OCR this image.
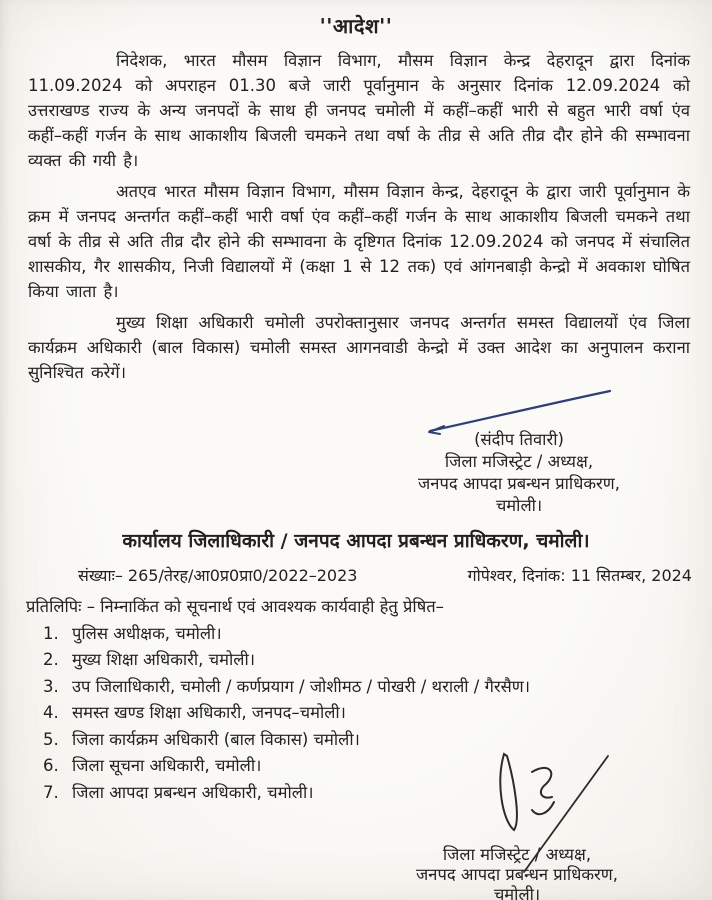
''आदेश''

निदेशक, भारत मौसम विज्ञान विभाग, मौसम विज्ञान केन्द्र देहरादून द्वारा दिनांक 11.09.2024 को अपराहन 01.30 बजे जारी पूर्वानुमान के अनुसार दिनांक 12.09.2024 को उत्तराखण्ड राज्य के अन्य जनपदों के साथ ही जनपद चमोली में कहीं–कहीं भारी से बहुत भारी वर्षा एंव कहीं–कहीं गर्जन के साथ आकाशीय बिजली चमकने तथा वर्षा के तीव्र से अति तीव्र दौर होने की सम्भावना व्यक्त की गयी है।

अतएव भारत मौसम विज्ञान विभाग, मौसम विज्ञान केन्द्र, देहरादून के द्वारा जारी पूर्वानुमान के क्रम में जनपद अन्तर्गत कहीं–कहीं भारी वर्षा एंव कहीं–कहीं गर्जन के साथ आकाशीय बिजली चमकने तथा वर्षा के तीव्र से अति तीव्र दौर होने की सम्भावना के दृष्टिगत दिनांक 12.09.2024 को जनपद में संचालित शासकीय, गैर शासकीय, निजी विद्यालयों में (कक्षा 1 से 12 तक) एवं आंगनबाड़ी केन्द्रो में अवकाश घोषित किया जाता है।

मुख्य शिक्षा अधिकारी चमोली उपरोक्तानुसार जनपद अन्तर्गत समस्त विद्यालयों एंव जिला कार्यक्रम अधिकारी (बाल विकास) चमोली समस्त आगनवाडी केन्द्रो में उक्त आदेश का अनुपालन कराना सुनिश्चित करेगें।

(संदीप तिवारी)
जिला मजिस्ट्रेट / अध्यक्ष,
जनपद आपदा प्रबन्धन प्राधिकरण,
चमोली।
कार्यालय जिलाधिकारी / जनपद आपदा प्रबन्धन प्राधिकरण, चमोली।
संख्याः– 265/तेरह/आ0प्र0प्रा0/2022–2023	गोपेश्वर, दिनांक: 11 सितम्बर, 2024
प्रतिलिपिः – निम्नाकिंत को सूचनार्थ एवं आवश्यक कार्यवाही हेतु प्रेषित–
1. पुलिस अधीक्षक, चमोली।
2. मुख्य शिक्षा अधिकारी, चमोली।
3. उप जिलाधिकारी, चमोली / कर्णप्रयाग / जोशीमठ / पोखरी / थराली / गैरसैण।
4. समस्त खण्ड शिक्षा अधिकारी, जनपद–चमोली।
5. जिला कार्यक्रम अधिकारी (बाल विकास) चमोली।
6. जिला सूचना अधिकारी, चमोली।
7. जिला आपदा प्रबन्धन अधिकारी, चमोली।
जिला मजिस्ट्रेट / अध्यक्ष,
जनपद आपदा प्रबन्धन प्राधिकरण,
चमोली।
